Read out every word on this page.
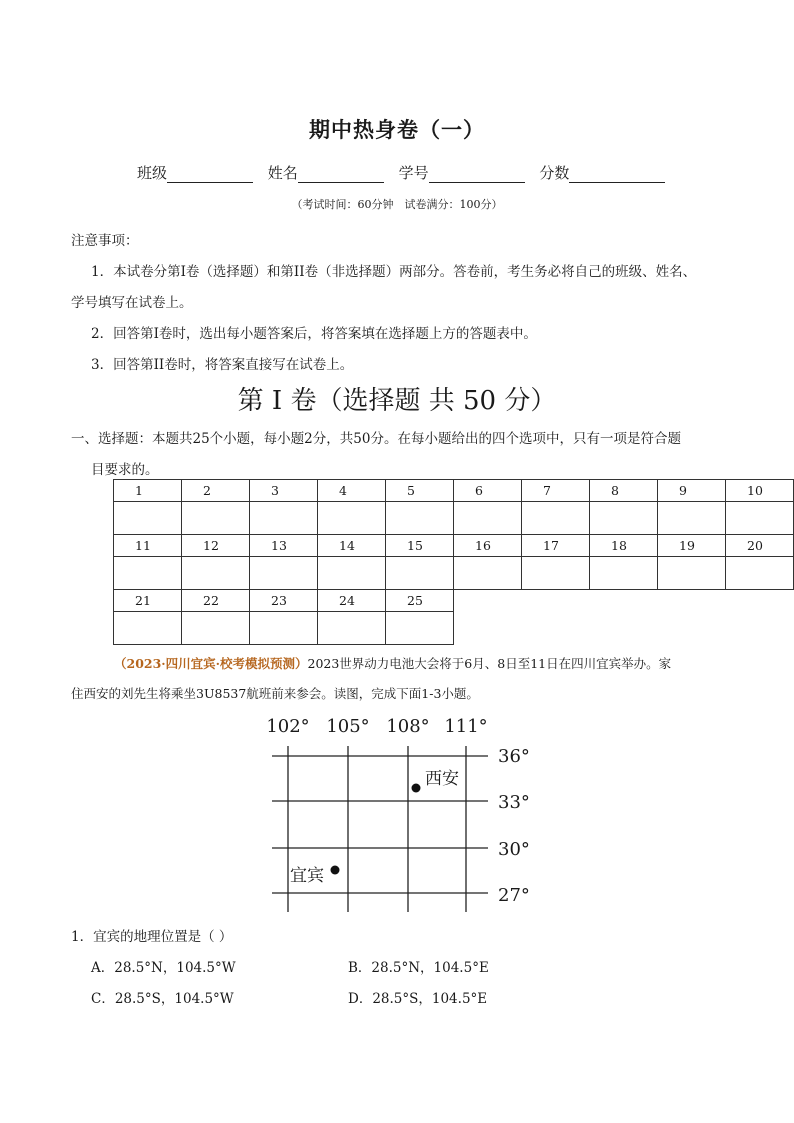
期中热身卷（一）
班级	姓名	学号	分数
（考试时间：60分钟　试卷满分：100分）
注意事项：
1．本试卷分第I卷（选择题）和第II卷（非选择题）两部分。答卷前，考生务必将自己的班级、姓名、
学号填写在试卷上。
2．回答第I卷时，选出每小题答案后，将答案填在选择题上方的答题表中。
3．回答第II卷时，将答案直接写在试卷上。
第 I 卷（选择题 共 50 分）
一、选择题：本题共25个小题，每小题2分，共50分。在每小题给出的四个选项中，只有一项是符合题
目要求的。
1	2	3	4	5	6	7	8	9	10

11	12	13	14	15	16	17	18	19	20

21	22	23	24	25					

（2023·四川宜宾·校考模拟预测）2023世界动力电池大会将于6月、8日至11日在四川宜宾举办。家
住西安的刘先生将乘坐3U8537航班前来参会。读图，完成下面1-3小题。
102° 105° 108° 111°
36°
33°
30°
27°
西安
宜宾
1．宜宾的地理位置是（ ）
A．28.5°N，104.5°W	B．28.5°N，104.5°E
C．28.5°S，104.5°W	D．28.5°S，104.5°E
